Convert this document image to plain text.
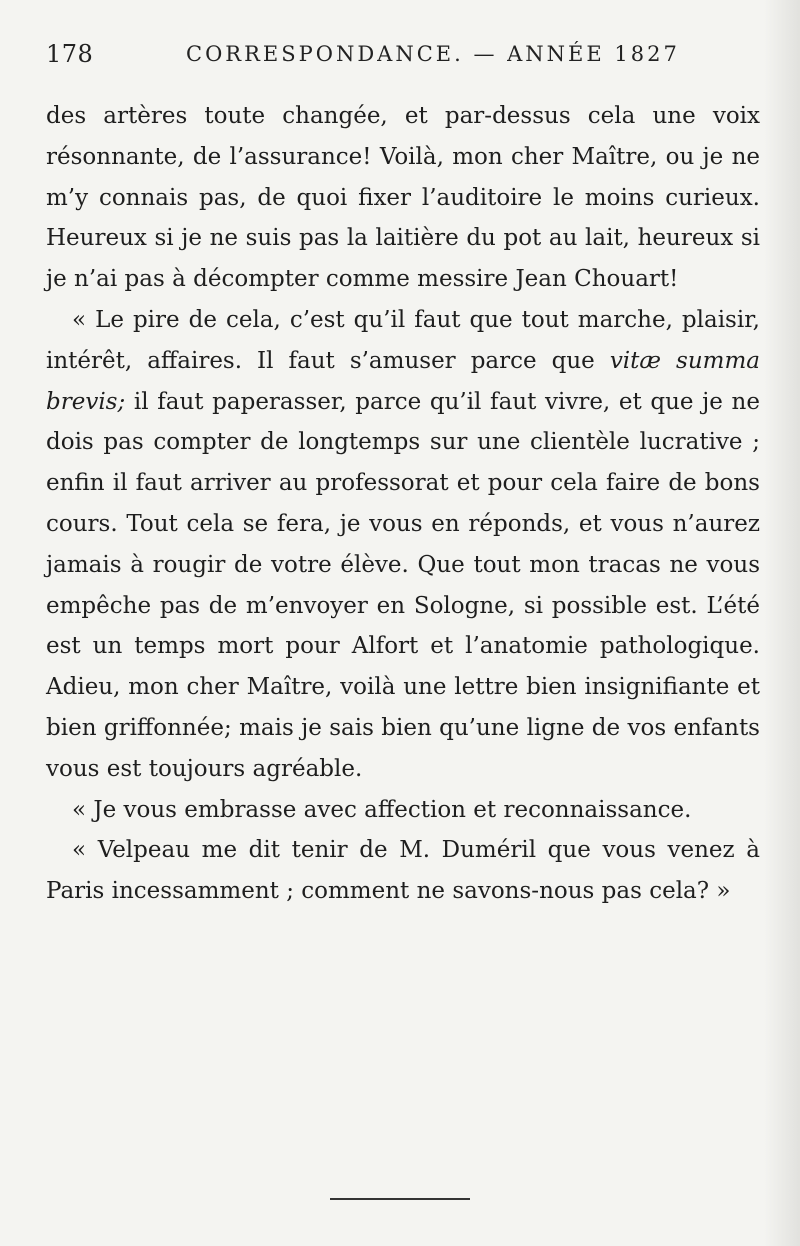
178	CORRESPONDANCE. — ANNÉE 1827

des artères toute changée, et par-dessus cela une voix résonnante, de l’assurance! Voilà, mon cher Maître, ou je ne m’y connais pas, de quoi fixer l’auditoire le moins curieux. Heureux si je ne suis pas la laitière du pot au lait, heureux si je n’ai pas à décompter comme messire Jean Chouart!

« Le pire de cela, c’est qu’il faut que tout marche, plaisir, intérêt, affaires. Il faut s’amuser parce que vitæ summa brevis; il faut paperasser, parce qu’il faut vivre, et que je ne dois pas compter de longtemps sur une clientèle lucrative ; enfin il faut arriver au professorat et pour cela faire de bons cours. Tout cela se fera, je vous en réponds, et vous n’aurez jamais à rougir de votre élève. Que tout mon tracas ne vous empêche pas de m’envoyer en Sologne, si possible est. L’été est un temps mort pour Alfort et l’anatomie pathologique. Adieu, mon cher Maître, voilà une lettre bien insignifiante et bien griffonnée; mais je sais bien qu’une ligne de vos enfants vous est toujours agréable.

« Je vous embrasse avec affection et reconnaissance.

« Velpeau me dit tenir de M. Duméril que vous venez à Paris incessamment ; comment ne savons-nous pas cela? »
